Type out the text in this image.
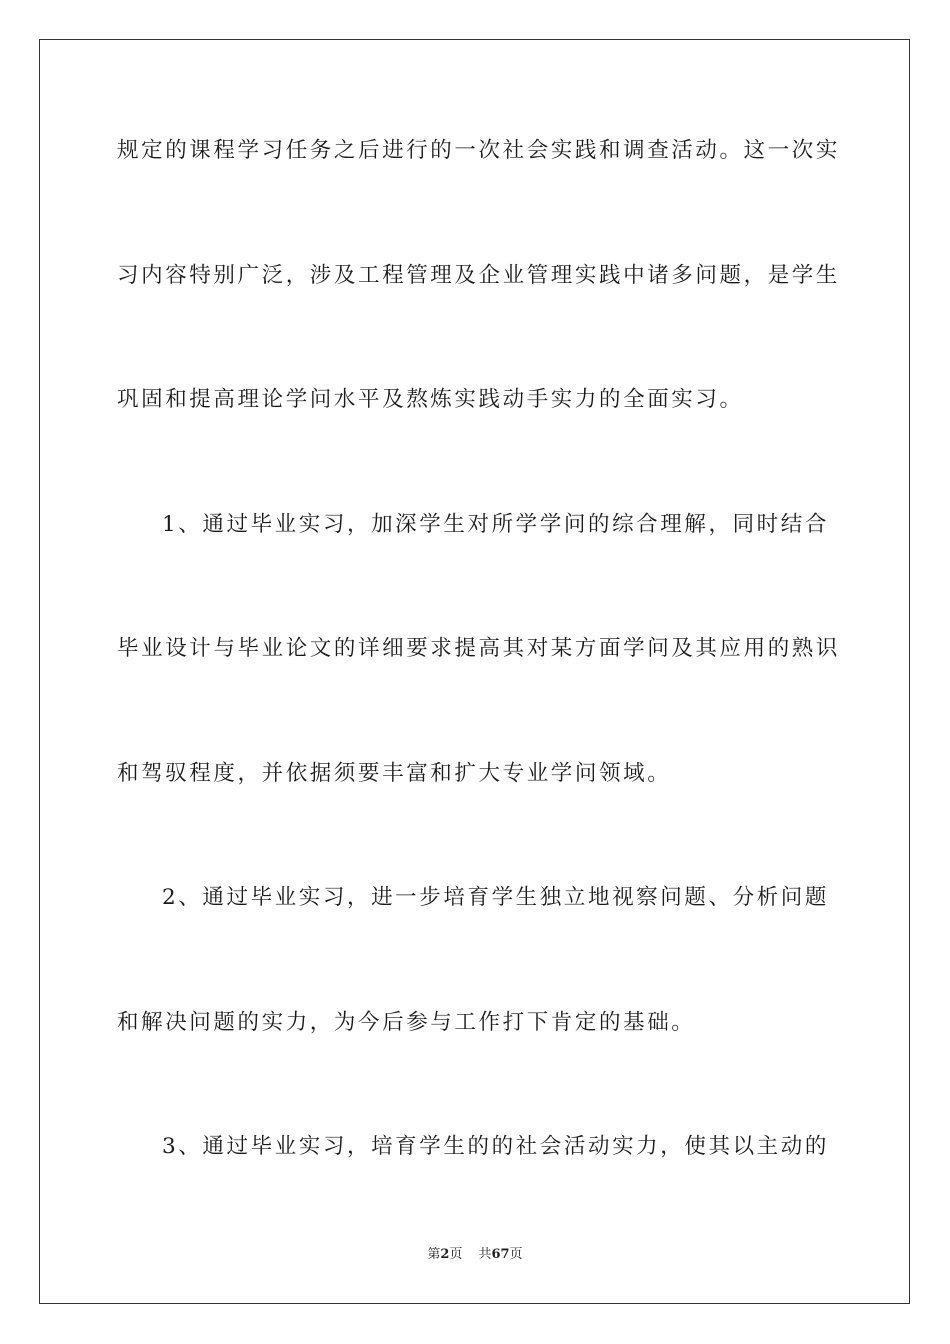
规定的课程学习任务之后进行的一次社会实践和调查活动。这一次实
习内容特别广泛，涉及工程管理及企业管理实践中诸多问题，是学生
巩固和提高理论学问水平及熬炼实践动手实力的全面实习。
1、通过毕业实习，加深学生对所学学问的综合理解，同时结合
毕业设计与毕业论文的详细要求提高其对某方面学问及其应用的熟识
和驾驭程度，并依据须要丰富和扩大专业学问领域。
2、通过毕业实习，进一步培育学生独立地视察问题、分析问题
和解决问题的实力，为今后参与工作打下肯定的基础。
3、通过毕业实习，培育学生的的社会活动实力，使其以主动的
第2页 共67页
